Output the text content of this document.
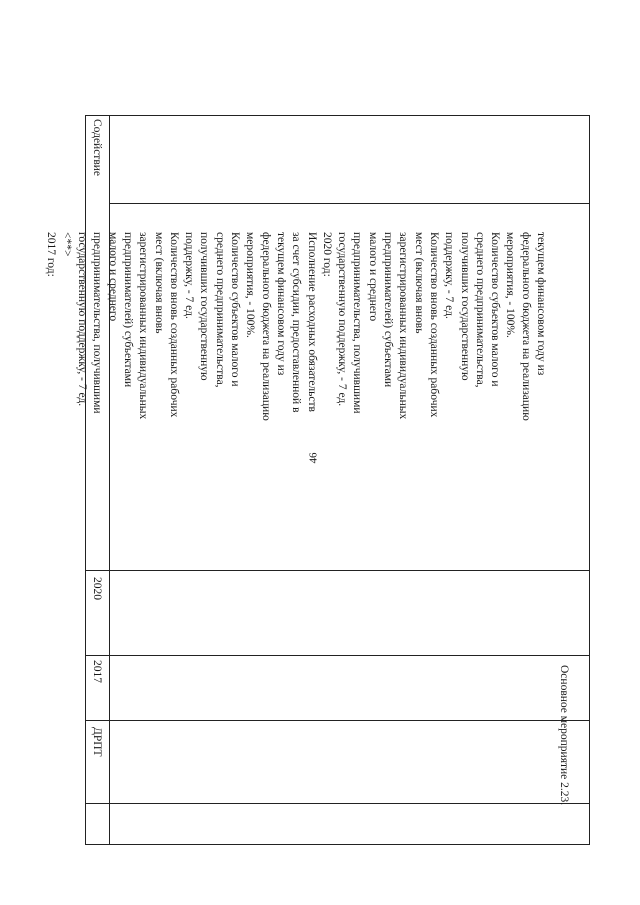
46
Содействие
2020
2017
ДРПТ
текущем финансовом году из
федерального бюджета на реализацию
мероприятия, - 100%.
Количество субъектов малого и
среднего предпринимательства,
получивших государственную
поддержку, - 7 ед.
Количество вновь созданных рабочих
мест (включая вновь
зарегистрированных индивидуальных
предпринимателей) субъектами
малого и среднего
предпринимательства, получившими
государственную поддержку, - 7 ед.
2020 год:
Исполнение расходных обязательств
за счет субсидии, предоставленной в
текущем финансовом году из
федерального бюджета на реализацию
мероприятия, - 100%.
Количество субъектов малого и
среднего предпринимательства,
получивших государственную
поддержку, - 7 ед.
Количество вновь созданных рабочих
мест (включая вновь
зарегистрированных индивидуальных
предпринимателей) субъектами
малого и среднего
предпринимательства, получившими
государственную поддержку, - 7 ед.
<**>
2017 год:
Основное мероприятие 2.23.
